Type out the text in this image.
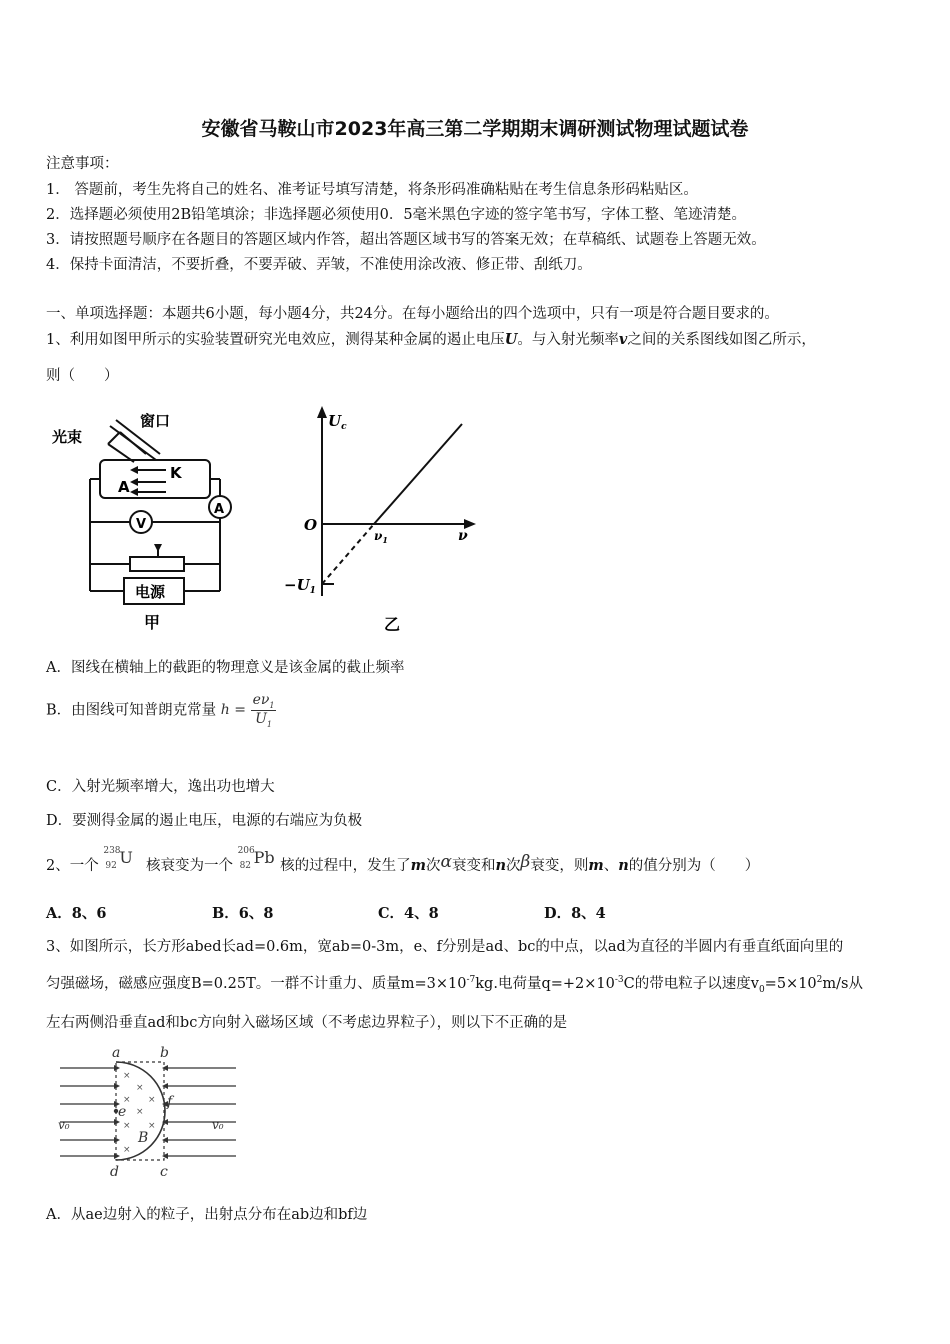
安徽省马鞍山市2023年高三第二学期期末调研测试物理试题试卷
注意事项：
1． 答题前，考生先将自己的姓名、准考证号填写清楚，将条形码准确粘贴在考生信息条形码粘贴区。
2．选择题必须使用2B铅笔填涂；非选择题必须使用0．5毫米黑色字迹的签字笔书写，字体工整、笔迹清楚。
3．请按照题号顺序在各题目的答题区域内作答，超出答题区域书写的答案无效；在草稿纸、试题卷上答题无效。
4．保持卡面清洁，不要折叠，不要弄破、弄皱，不准使用涂改液、修正带、刮纸刀。
一、单项选择题：本题共6小题，每小题4分，共24分。在每小题给出的四个选项中，只有一项是符合题目要求的。
1、利用如图甲所示的实验装置研究光电效应，测得某种金属的遏止电压U。与入射光频率v之间的关系图线如图乙所示，
则（　　）
光束
窗口
K
A
A
V
电源
甲
$U_c$
O
ν
$\nu_1$
$-U_1$
乙
A．图线在横轴上的截距的物理意义是该金属的截止频率
B．由图线可知普朗克常量 $h = \frac{e\nu_1}{U_1}$
C．入射光频率增大，逸出功也增大
D．要测得金属的遏止电压，电源的右端应为负极
2、一个
238
92 U 核衰变为一个
206
82 Pb 核的过程中，发生了m次α衰变和n次β衰变，则m、n的值分别为（　　）
A．8、6	B．6、8	C．4、8	D．8、4
3、如图所示，长方形abed长ad=0.6m，宽ab=0-3m，e、f分别是ad、bc的中点，以ad为直径的半圆内有垂直纸面向里的
匀强磁场，磁感应强度B=0.25T。一群不计重力、质量$m=3\times 10^{-7}kg$.电荷量$q=+2\times 10^{-3}C$的带电粒子以速度$v_0=5\times 10^2m/s$从
左右两侧沿垂直ad和bc方向射入磁场区域（不考虑边界粒子），则以下不正确的是
×
×
×
×
×
×
×
×
a	b
d	c
e
f
B
v₀	v₀
A．从ae边射入的粒子，出射点分布在ab边和bf边
